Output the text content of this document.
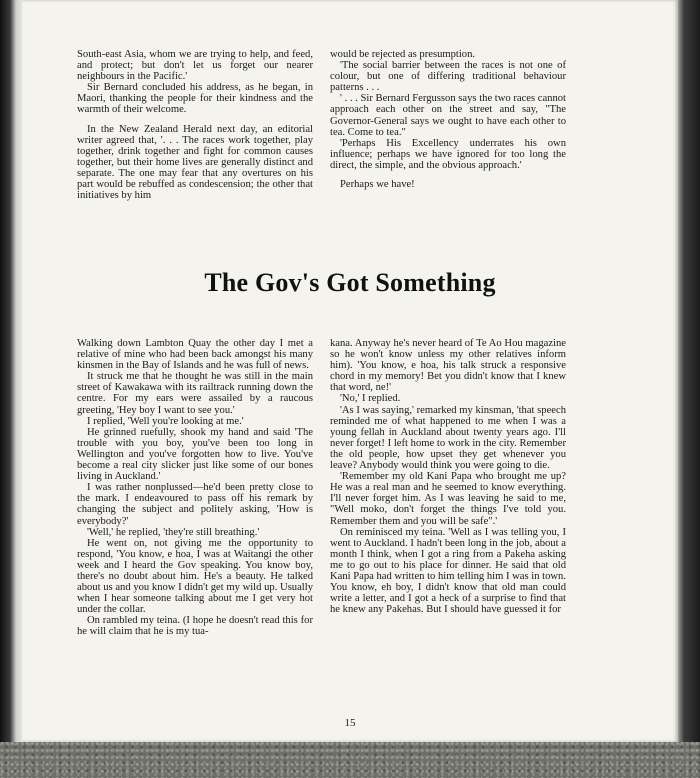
South-east Asia, whom we are trying to help, and feed, and protect; but don't let us forget our nearer neighbours in the Pacific.'

Sir Bernard concluded his address, as he began, in Maori, thanking the people for their kindness and the warmth of their welcome.

In the New Zealand Herald next day, an editorial writer agreed that, '. . . The races work together, play together, drink together and fight for common causes together, but their home lives are generally distinct and separate. The one may fear that any overtures on his part would be rebuffed as condescension; the other that initiatives by him

would be rejected as presumption.

'The social barrier between the races is not one of colour, but one of differing traditional behaviour patterns . . .

' . . . Sir Bernard Fergusson says the two races cannot approach each other on the street and say, "The Governor-General says we ought to have each other to tea. Come to tea."

'Perhaps His Excellency underrates his own influence; perhaps we have ignored for too long the direct, the simple, and the obvious approach.'

Perhaps we have!

The Gov's Got Something

Walking down Lambton Quay the other day I met a relative of mine who had been back amongst his many kinsmen in the Bay of Islands and he was full of news.

It struck me that he thought he was still in the main street of Kawakawa with its railtrack running down the centre. For my ears were assailed by a raucous greeting, 'Hey boy I want to see you.'

I replied, 'Well you're looking at me.'

He grinned ruefully, shook my hand and said 'The trouble with you boy, you've been too long in Wellington and you've forgotten how to live. You've become a real city slicker just like some of our bones living in Auckland.'

I was rather nonplussed—he'd been pretty close to the mark. I endeavoured to pass off his remark by changing the subject and politely asking, 'How is everybody?'

'Well,' he replied, 'they're still breathing.'

He went on, not giving me the opportunity to respond, 'You know, e hoa, I was at Waitangi the other week and I heard the Gov speaking. You know boy, there's no doubt about him. He's a beauty. He talked about us and you know I didn't get my wild up. Usually when I hear someone talking about me I get very hot under the collar.

On rambled my teina. (I hope he doesn't read this for he will claim that he is my tua-

kana. Anyway he's never heard of Te Ao Hou magazine so he won't know unless my other relatives inform him). 'You know, e hoa, his talk struck a responsive chord in my memory! Bet you didn't know that I knew that word, ne!'

'No,' I replied.

'As I was saying,' remarked my kinsman, 'that speech reminded me of what happened to me when I was a young fellah in Auckland about twenty years ago. I'll never forget! I left home to work in the city. Remember the old people, how upset they get whenever you leave? Anybody would think you were going to die.

'Remember my old Kani Papa who brought me up? He was a real man and he seemed to know everything. I'll never forget him. As I was leaving he said to me, "Well moko, don't forget the things I've told you. Remember them and you will be safe".'

On reminisced my teina. 'Well as I was telling you, I went to Auckland. I hadn't been long in the job, about a month I think, when I got a ring from a Pakeha asking me to go out to his place for dinner. He said that old Kani Papa had written to him telling him I was in town. You know, eh boy, I didn't know that old man could write a letter, and I got a heck of a surprise to find that he knew any Pakehas. But I should have guessed it for

15
